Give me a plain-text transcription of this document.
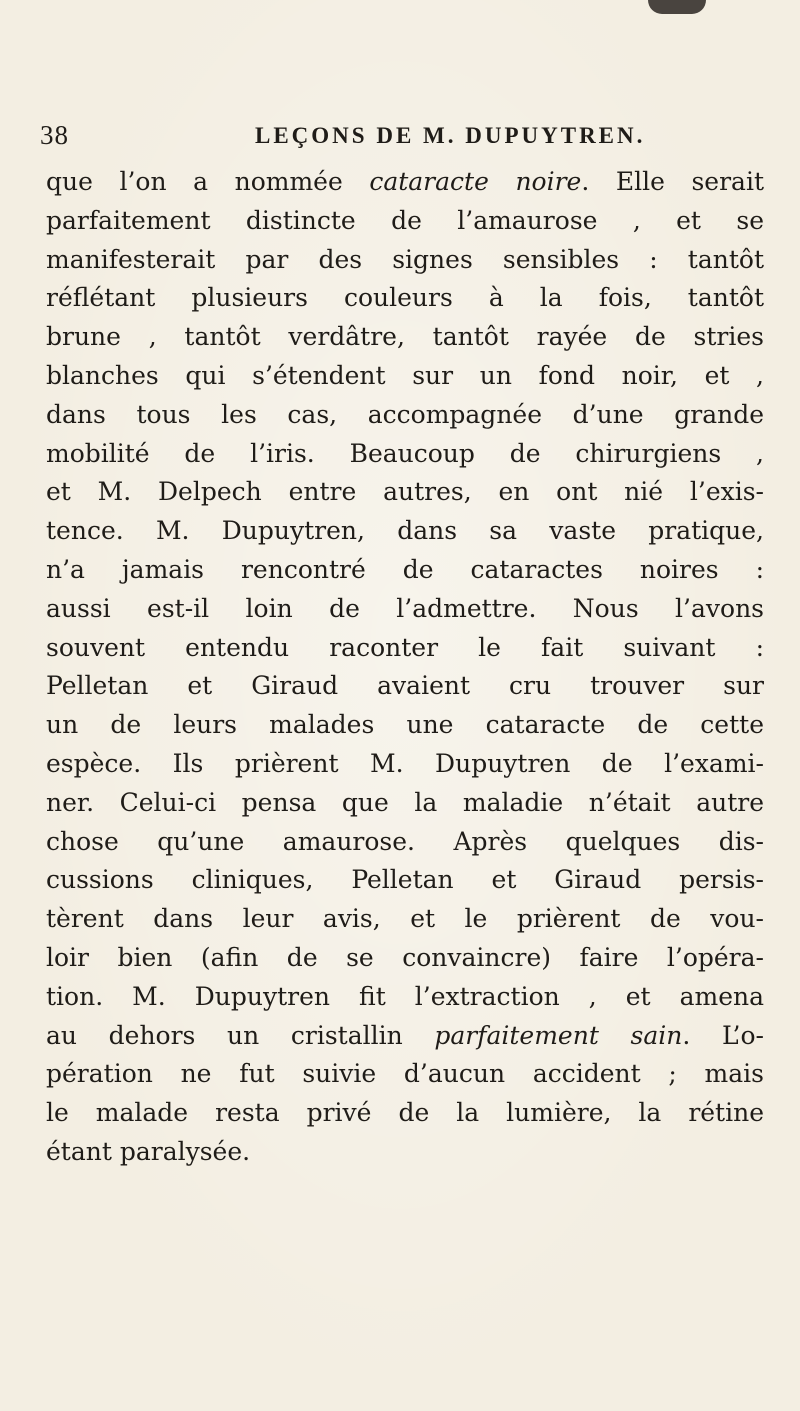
38	LEÇONS DE M. DUPUYTREN.
que l’on a nommée cataracte noire. Elle serait
parfaitement distincte de l’amaurose , et se
manifesterait par des signes sensibles : tantôt
réflétant plusieurs couleurs à la fois, tantôt
brune , tantôt verdâtre, tantôt rayée de stries
blanches qui s’étendent sur un fond noir, et ,
dans tous les cas, accompagnée d’une grande
mobilité de l’iris. Beaucoup de chirurgiens ,
et M. Delpech entre autres, en ont nié l’exis-
tence. M. Dupuytren, dans sa vaste pratique,
n’a jamais rencontré de cataractes noires :
aussi est-il loin de l’admettre. Nous l’avons
souvent entendu raconter le fait suivant :
Pelletan et Giraud avaient cru trouver sur
un de leurs malades une cataracte de cette
espèce. Ils prièrent M. Dupuytren de l’exami-
ner. Celui-ci pensa que la maladie n’était autre
chose qu’une amaurose. Après quelques dis-
cussions cliniques, Pelletan et Giraud persis-
tèrent dans leur avis, et le prièrent de vou-
loir bien (afin de se convaincre) faire l’opéra-
tion. M. Dupuytren fit l’extraction , et amena
au dehors un cristallin parfaitement sain. L’o-
pération ne fut suivie d’aucun accident ; mais
le malade resta privé de la lumière, la rétine
étant paralysée.
